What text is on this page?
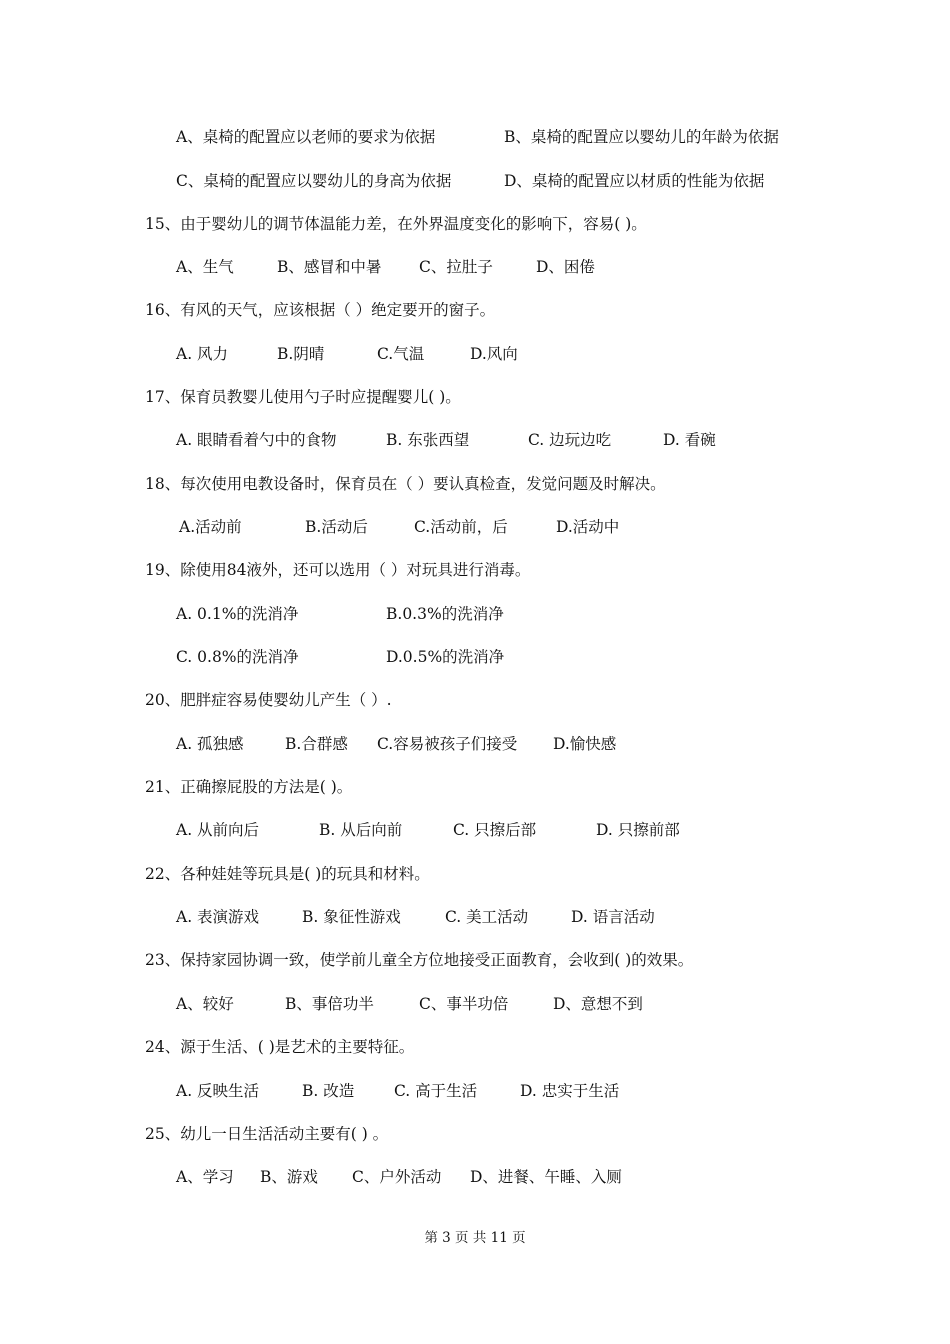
A、桌椅的配置应以老师的要求为依据	B、桌椅的配置应以婴幼儿的年龄为依据
C、桌椅的配置应以婴幼儿的身高为依据	D、桌椅的配置应以材质的性能为依据
15、由于婴幼儿的调节体温能力差，在外界温度变化的影响下，容易( )。
A、生气	B、感冒和中暑 C、拉肚子	D、困倦
16、有风的天气，应该根据（ ）绝定要开的窗子。
A. 风力	B.阴晴	C.气温	D.风向
17、保育员教婴儿使用勺子时应提醒婴儿( )。
A. 眼睛看着勺中的食物	B. 东张西望	C. 边玩边吃	D. 看碗
18、每次使用电教设备时，保育员在（ ）要认真检查，发觉问题及时解决。
A.活动前	B.活动后	C.活动前，后	D.活动中
19、除使用84液外，还可以选用（ ）对玩具进行消毒。
A. 0.1%的洗消净	B.0.3%的洗消净
C. 0.8%的洗消净	D.0.5%的洗消净
20、肥胖症容易使婴幼儿产生（ ）.
A. 孤独感	B.合群感 C.容易被孩子们接受 D.愉快感
21、正确擦屁股的方法是( )。
A. 从前向后	B. 从后向前	C. 只擦后部	D. 只擦前部
22、各种娃娃等玩具是( )的玩具和材料。
A. 表演游戏	B. 象征性游戏	C. 美工活动	D. 语言活动
23、保持家园协调一致，使学前儿童全方位地接受正面教育，会收到( )的效果。
A、较好	B、事倍功半	C、事半功倍	D、意想不到
24、源于生活、( )是艺术的主要特征。
A. 反映生活	B. 改造	C. 高于生活	D. 忠实于生活
25、幼儿一日生活活动主要有( ) 。
A、学习 B、游戏 C、户外活动 D、进餐、午睡、入厕
第 3 页 共 11 页
